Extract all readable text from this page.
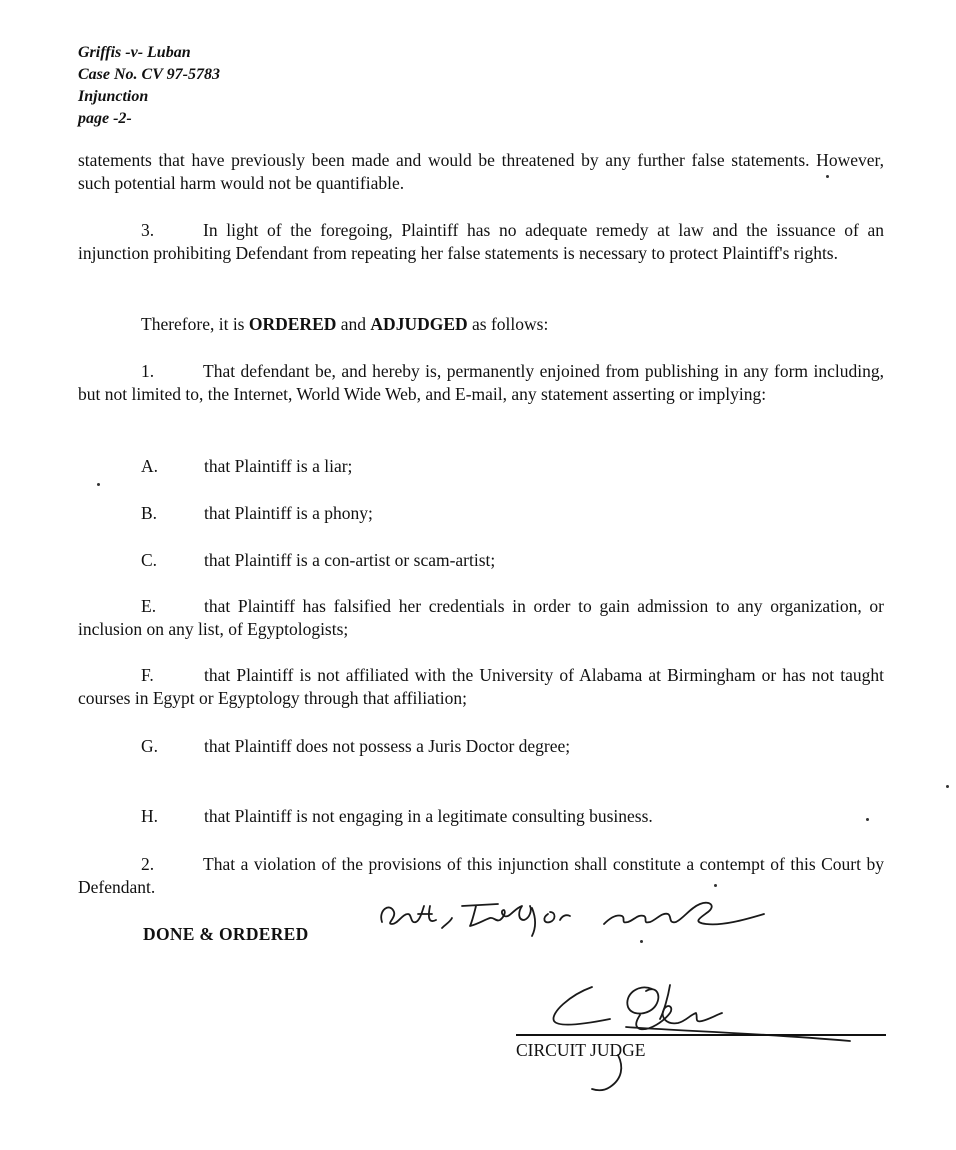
Griffis -v- Luban
Case No. CV 97-5783
Injunction
page -2-
statements that have previously been made and would be threatened by any further false statements. However, such potential harm would not be quantifiable.
3.	In light of the foregoing, Plaintiff has no adequate remedy at law and the issuance of an injunction prohibiting Defendant from repeating her false statements is necessary to protect Plaintiff's rights.
Therefore, it is ORDERED and ADJUDGED as follows:
1.	That defendant be, and hereby is, permanently enjoined from publishing in any form including, but not limited to, the Internet, World Wide Web, and E-mail, any statement asserting or implying:
A.	that Plaintiff is a liar;
B.	that Plaintiff is a phony;
C.	that Plaintiff is a con-artist or scam-artist;
E.	that Plaintiff has falsified her credentials in order to gain admission to any organization, or inclusion on any list, of Egyptologists;
F.	that Plaintiff is not affiliated with the University of Alabama at Birmingham or has not taught courses in Egypt or Egyptology through that affiliation;
G.	that Plaintiff does not possess a Juris Doctor degree;
H.	that Plaintiff is not engaging in a legitimate consulting business.
2.	That a violation of the provisions of this injunction shall constitute a contempt of this Court by Defendant.
DONE & ORDERED
CIRCUIT JUDGE
